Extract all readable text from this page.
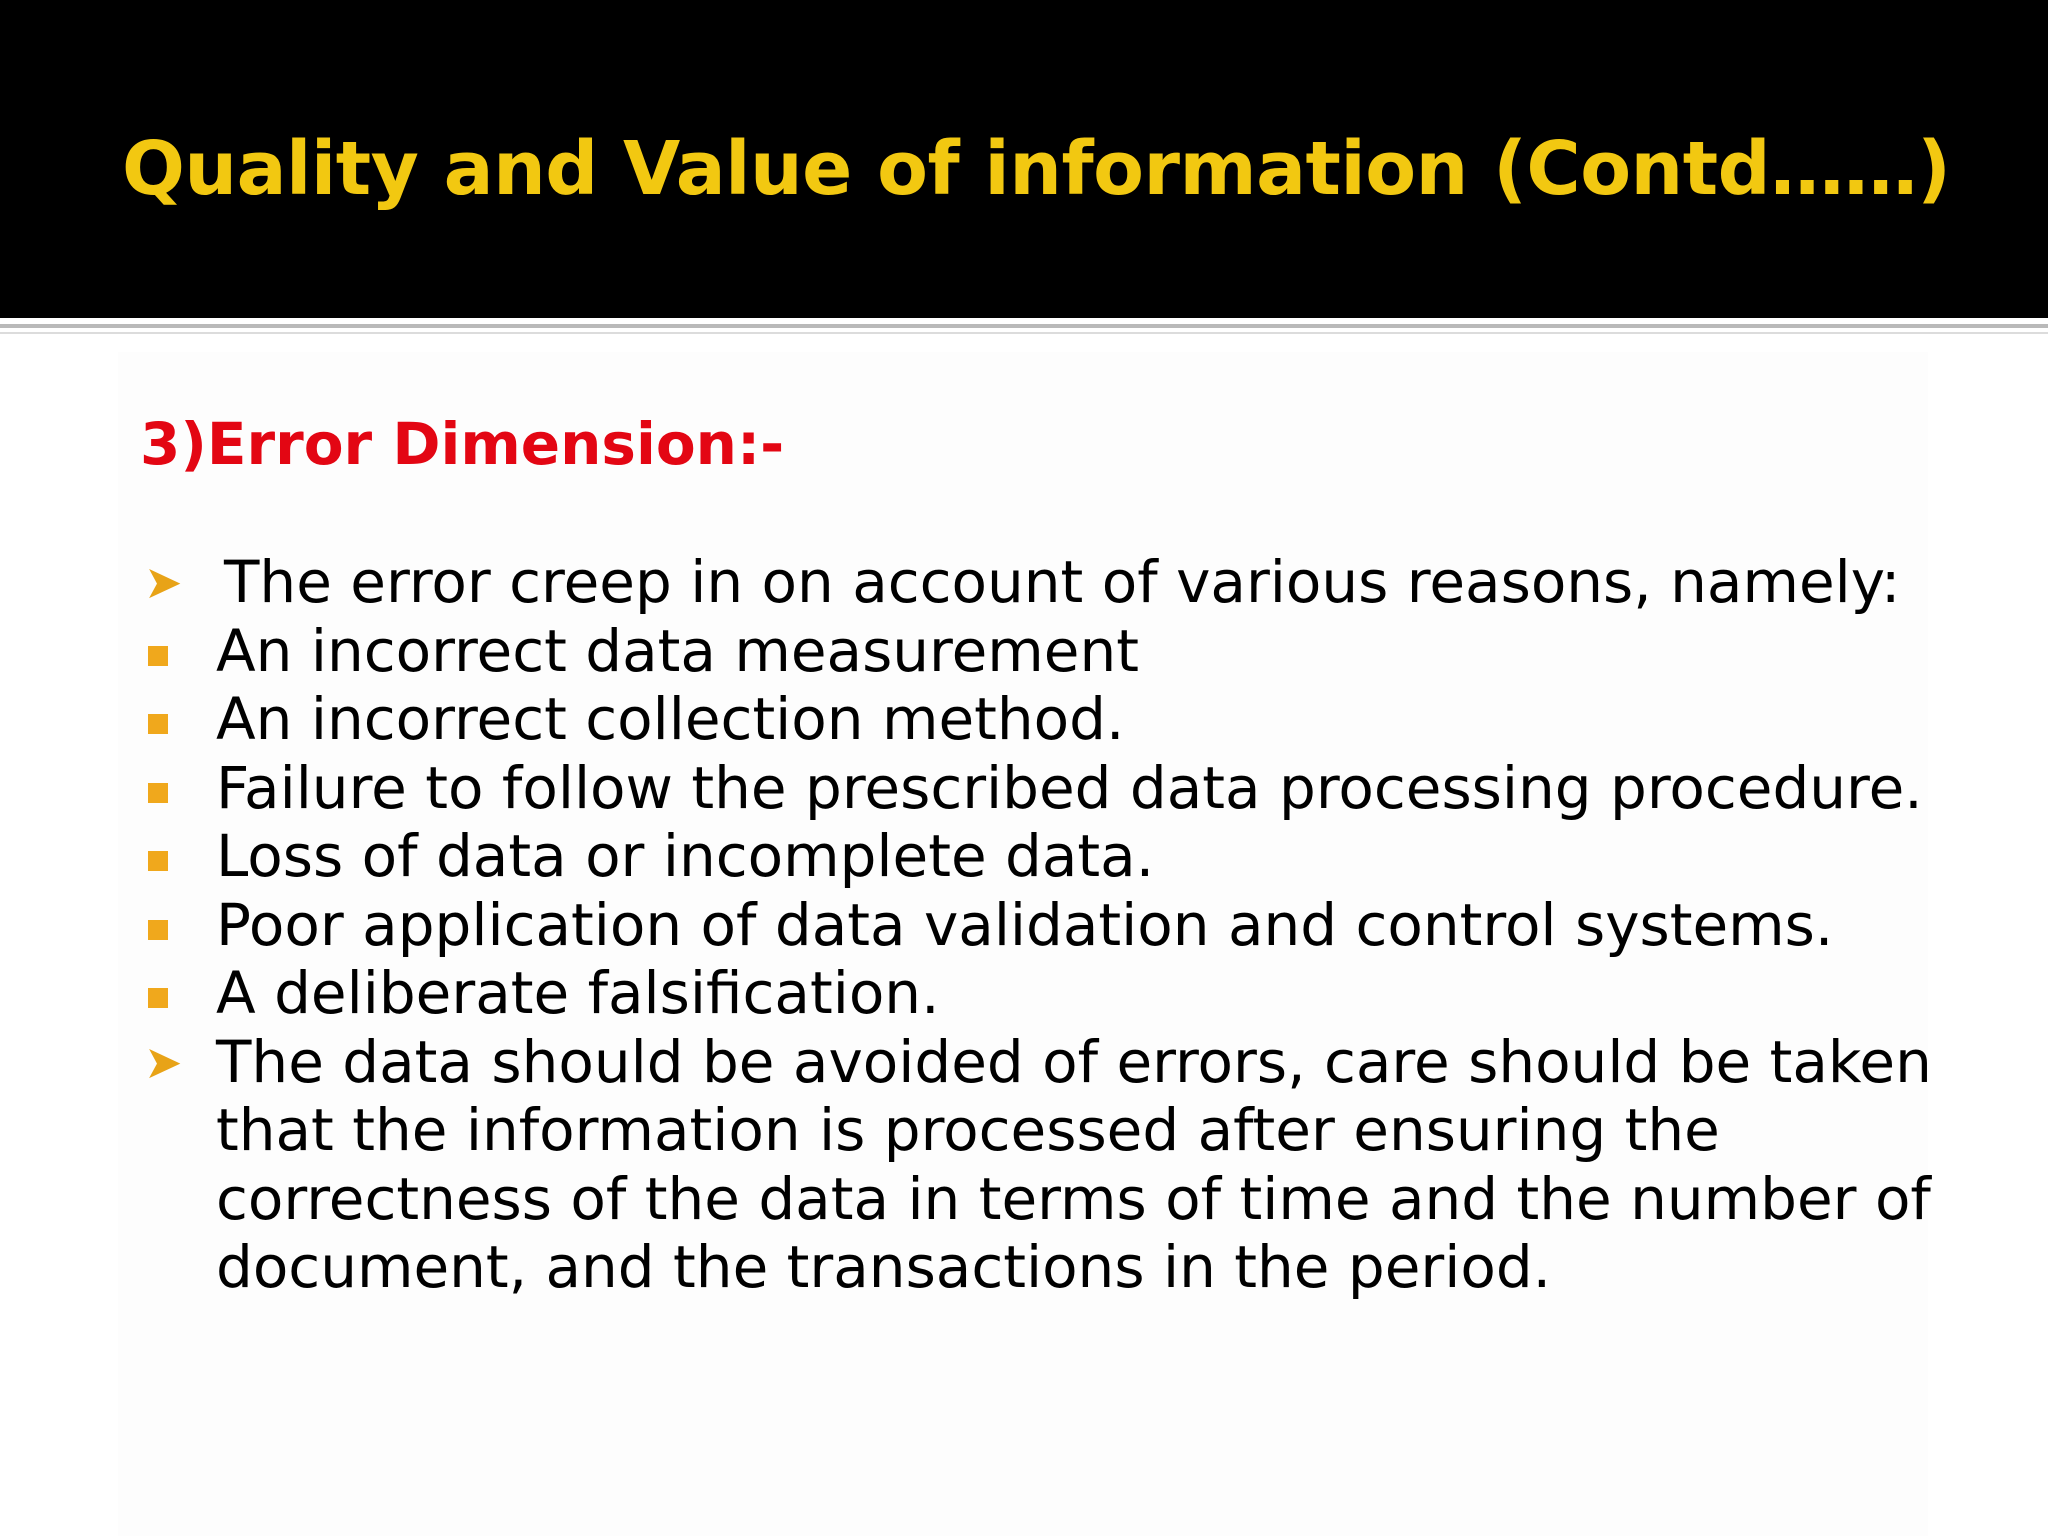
Quality and Value of information (Contd……)
3)Error Dimension:-
➤ The error creep in on account of various reasons, namely:
An incorrect data measurement
An incorrect collection method.
Failure to follow the prescribed data processing procedure.
Loss of data or incomplete data.
Poor application of data validation and control systems.
A deliberate falsification.
➤ The data should be avoided of errors, care should be taken that the information is processed after ensuring the correctness of the data in terms of time and the number of document, and the transactions in the period.
